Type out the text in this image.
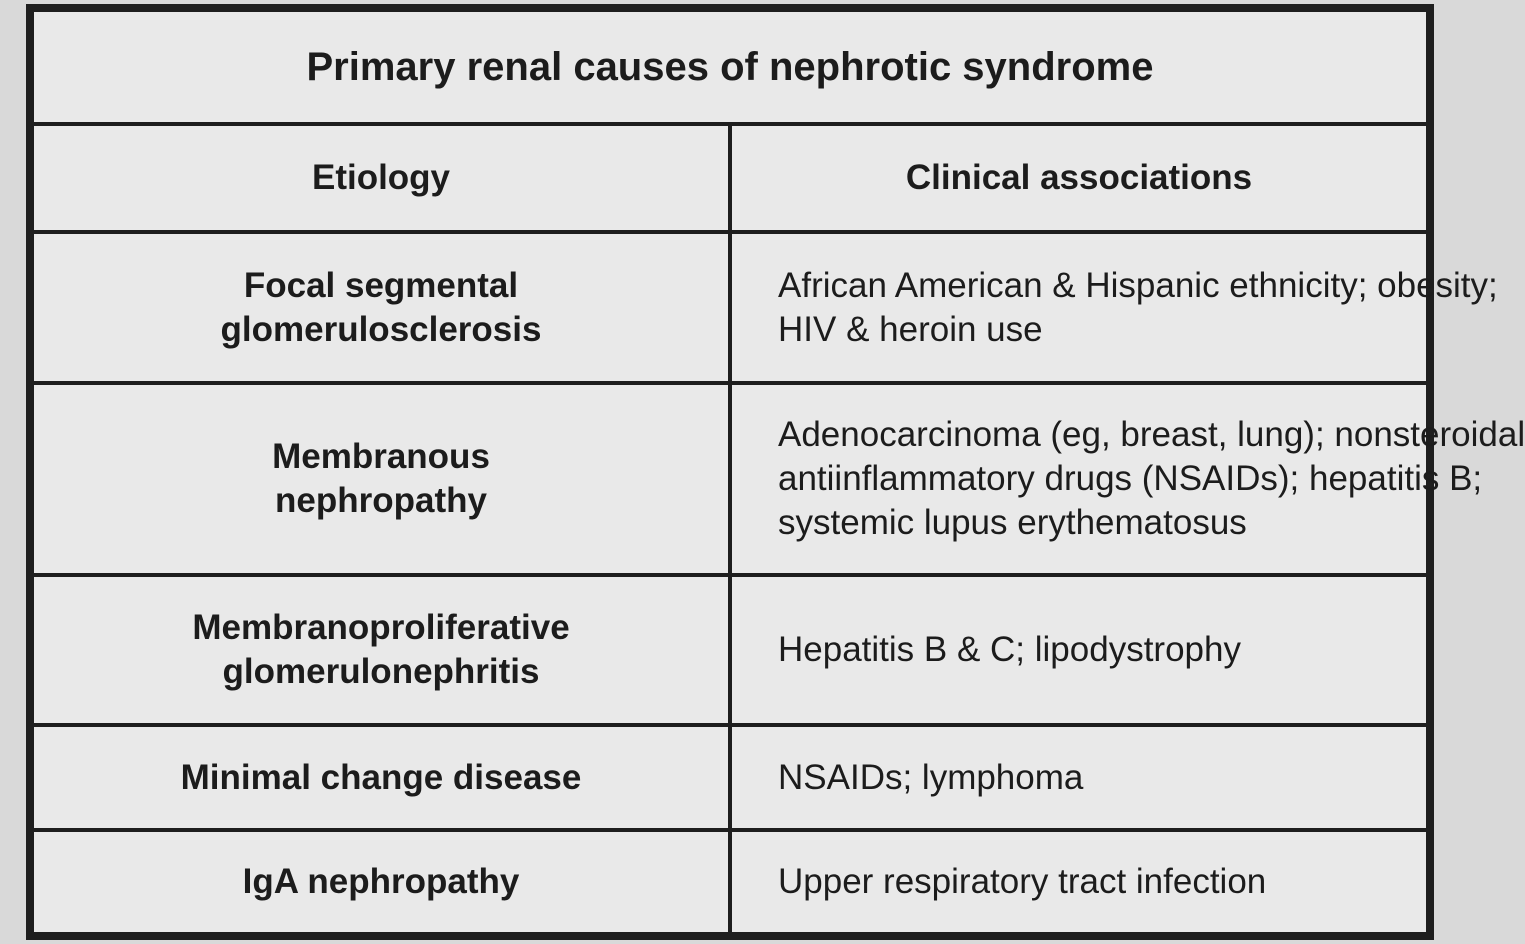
Primary renal causes of nephrotic syndrome	
Etiology	Clinical associations

Focal segmental
glomerulosclerosis	African American & Hispanic ethnicity; obesity;
HIV & heroin use

Membranous
nephropathy	Adenocarcinoma (eg, breast, lung); nonsteroidal
antiinflammatory drugs (NSAIDs); hepatitis B;
systemic lupus erythematosus

Membranoproliferative
glomerulonephritis	Hepatitis B & C; lipodystrophy

Minimal change disease	NSAIDs; lymphoma

IgA nephropathy	Upper respiratory tract infection
